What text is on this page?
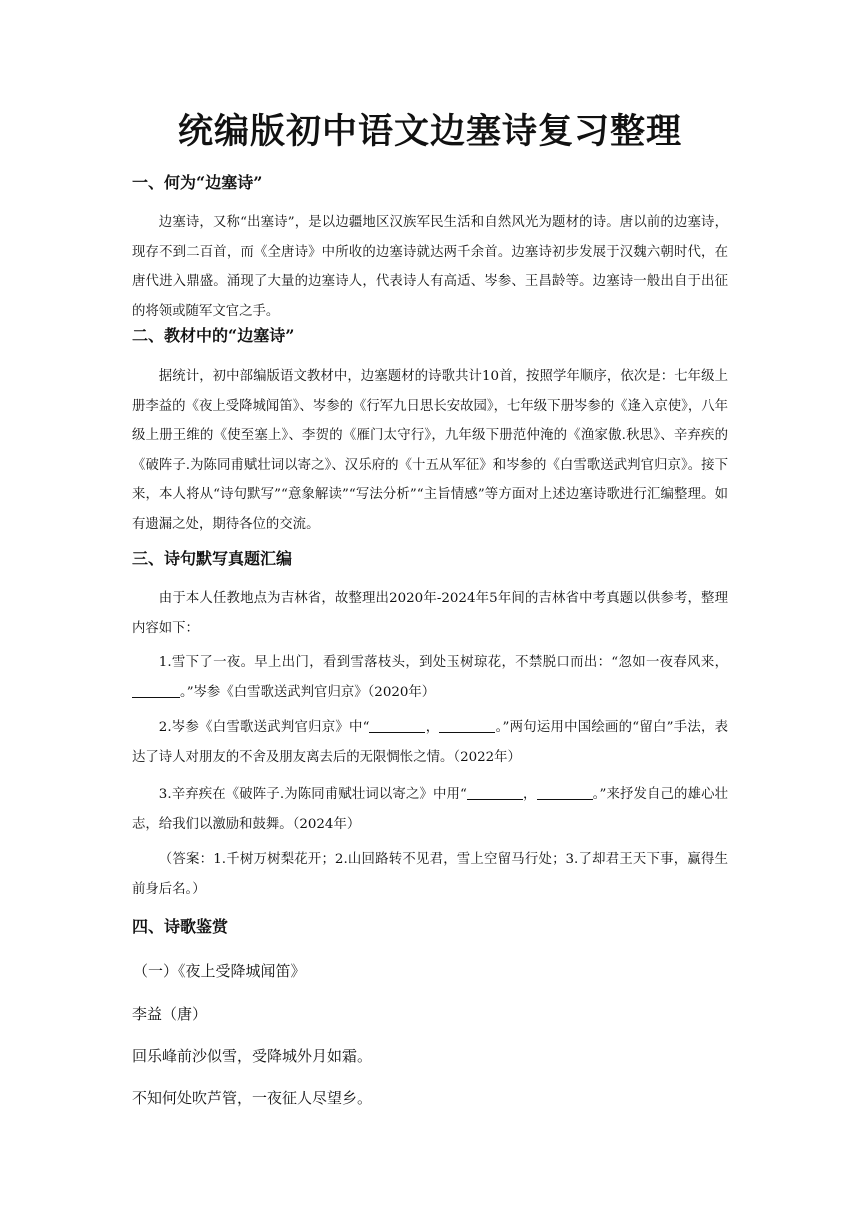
统编版初中语文边塞诗复习整理
一、何为“边塞诗”

边塞诗，又称“出塞诗”，是以边疆地区汉族军民生活和自然风光为题材的诗。唐以前的边塞诗，现存不到二百首，而《全唐诗》中所收的边塞诗就达两千余首。边塞诗初步发展于汉魏六朝时代，在唐代进入鼎盛。涌现了大量的边塞诗人，代表诗人有高适、岑参、王昌龄等。边塞诗一般出自于出征的将领或随军文官之手。

二、教材中的“边塞诗”

据统计，初中部编版语文教材中，边塞题材的诗歌共计10首，按照学年顺序，依次是：七年级上册李益的《夜上受降城闻笛》、岑参的《行军九日思长安故园》，七年级下册岑参的《逢入京使》，八年级上册王维的《使至塞上》、李贺的《雁门太守行》，九年级下册范仲淹的《渔家傲.秋思》、辛弃疾的《破阵子.为陈同甫赋壮词以寄之》、汉乐府的《十五从军征》和岑参的《白雪歌送武判官归京》。接下来，本人将从“诗句默写”“意象解读”“写法分析”“主旨情感”等方面对上述边塞诗歌进行汇编整理。如有遗漏之处，期待各位的交流。

三、诗句默写真题汇编

由于本人任教地点为吉林省，故整理出2020年-2024年5年间的吉林省中考真题以供参考，整理内容如下：

1.雪下了一夜。早上出门，看到雪落枝头，到处玉树琼花，不禁脱口而出：“忽如一夜春风来，。”岑参《白雪歌送武判官归京》（2020年）

2.岑参《白雪歌送武判官归京》中“	，	。”两句运用中国绘画的“留白”手法，表达了诗人对朋友的不舍及朋友离去后的无限惆怅之情。（2022年）

3.辛弃疾在《破阵子.为陈同甫赋壮词以寄之》中用“	，	。”来抒发自己的雄心壮志，给我们以激励和鼓舞。（2024年）

（答案：1.千树万树梨花开；2.山回路转不见君，雪上空留马行处；3.了却君王天下事，赢得生前身后名。）

四、诗歌鉴赏

（一）《夜上受降城闻笛》

李益（唐）

回乐峰前沙似雪，受降城外月如霜。

不知何处吹芦管，一夜征人尽望乡。
